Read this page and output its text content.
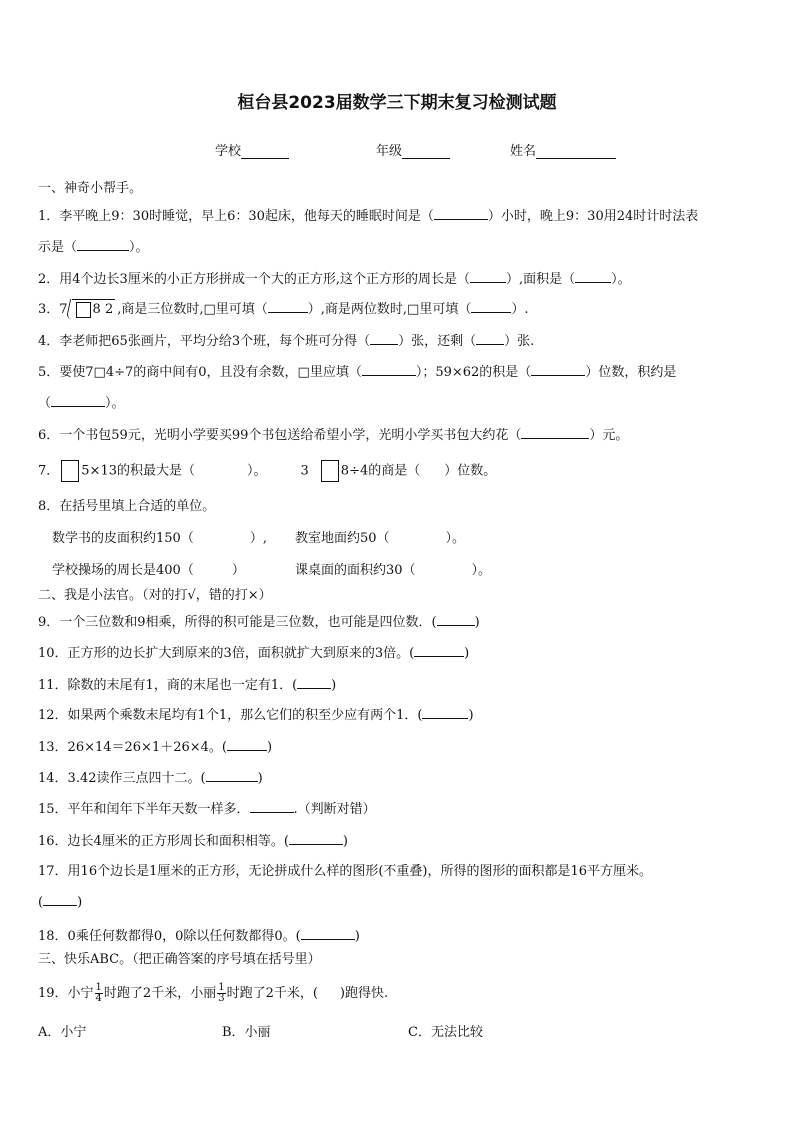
桓台县2023届数学三下期末复习检测试题
学校	年级	姓名
一、神奇小帮手。
1．李平晚上9：30时睡觉，早上6：30起床，他每天的睡眠时间是（	）小时，晚上9：30用24时计时法表
示是（	）。
2．用4个边长3厘米的小正方形拼成一个大的正方形,这个正方形的周长是（	）,面积是（	）。
3．7 8 2 ,商是三位数时,□里可填（	）,商是两位数时,□里可填（	）.
4．李老师把65张画片，平均分给3个班，每个班可分得（ ）张，还剩（ ）张.
5．要使7□4÷7的商中间有0，且没有余数，□里应填（	）；59×62的积是（	）位数，积约是
（	）。
6．一个书包59元，光明小学要买99个书包送给希望小学，光明小学买书包大约花（	）元。
7． 5×13的积最大是（	）。	3 8÷4的商是（ ）位数。
8．在括号里填上合适的单位。
数学书的皮面积约150（	）, 教室地面约50（	）。
学校操场的周长是400（	）	课桌面的面积约30（	）。
二、我是小法官。（对的打√，错的打×）
9．一个三位数和9相乘，所得的积可能是三位数，也可能是四位数．(	)
10．正方形的边长扩大到原来的3倍，面积就扩大到原来的3倍。(	)
11．除数的末尾有1，商的末尾也一定有1．(	)
12．如果两个乘数末尾均有1个1，那么它们的积至少应有两个1．(	)
13．26×14＝26×1＋26×4。(	)
14．3.42读作三点四十二。(	)
15．平年和闰年下半年天数一样多．	.（判断对错）
16．边长4厘米的正方形周长和面积相等。(	)
17．用16个边长是1厘米的正方形，无论拼成什么样的图形(不重叠)，所得的图形的面积都是16平方厘米。
(	)
18．0乘任何数都得0，0除以任何数都得0。(	)
三、快乐ABC。（把正确答案的序号填在括号里）
19．小宁 $\frac{1}{4}$ 时跑了2千米，小丽 $\frac{1}{3}$ 时跑了2千米，( )跑得快.
A．小宁	B．小丽	C．无法比较
